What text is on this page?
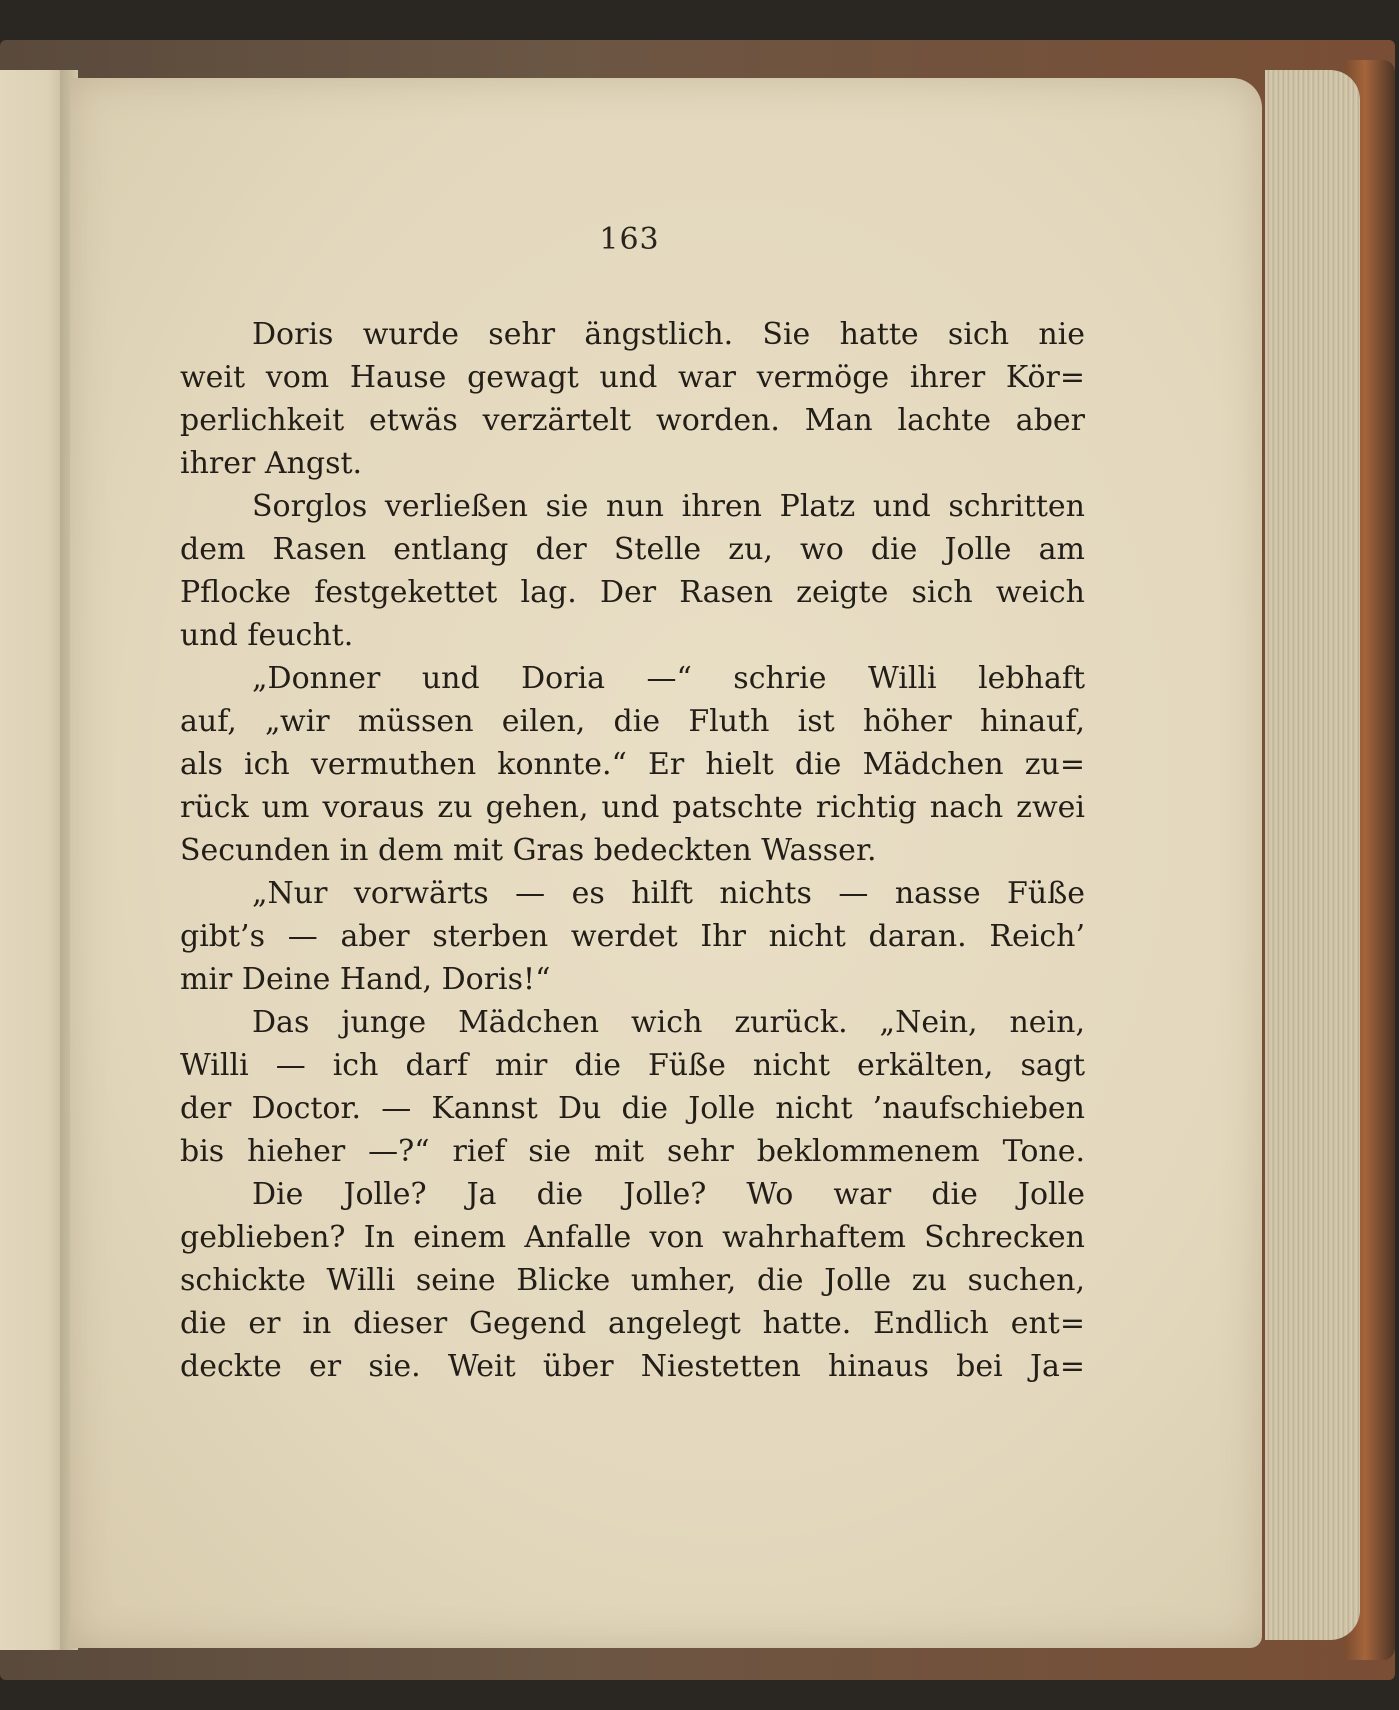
163
Doris wurde sehr ängstlich. Sie hatte sich nie
weit vom Hause gewagt und war vermöge ihrer Kör=
perlichkeit etwäs verzärtelt worden. Man lachte aber
ihrer Angst.
Sorglos verließen sie nun ihren Platz und schritten
dem Rasen entlang der Stelle zu, wo die Jolle am
Pflocke festgekettet lag. Der Rasen zeigte sich weich
und feucht.
„Donner und Doria —“ schrie Willi lebhaft
auf, „wir müssen eilen, die Fluth ist höher hinauf,
als ich vermuthen konnte.“ Er hielt die Mädchen zu=
rück um voraus zu gehen, und patschte richtig nach zwei
Secunden in dem mit Gras bedeckten Wasser.
„Nur vorwärts — es hilft nichts — nasse Füße
gibt’s — aber sterben werdet Ihr nicht daran. Reich’
mir Deine Hand, Doris!“
Das junge Mädchen wich zurück. „Nein, nein,
Willi — ich darf mir die Füße nicht erkälten, sagt
der Doctor. — Kannst Du die Jolle nicht ’naufschieben
bis hieher —?“ rief sie mit sehr beklommenem Tone.
Die Jolle? Ja die Jolle? Wo war die Jolle
geblieben? In einem Anfalle von wahrhaftem Schrecken
schickte Willi seine Blicke umher, die Jolle zu suchen,
die er in dieser Gegend angelegt hatte. Endlich ent=
deckte er sie. Weit über Niestetten hinaus bei Ja=
